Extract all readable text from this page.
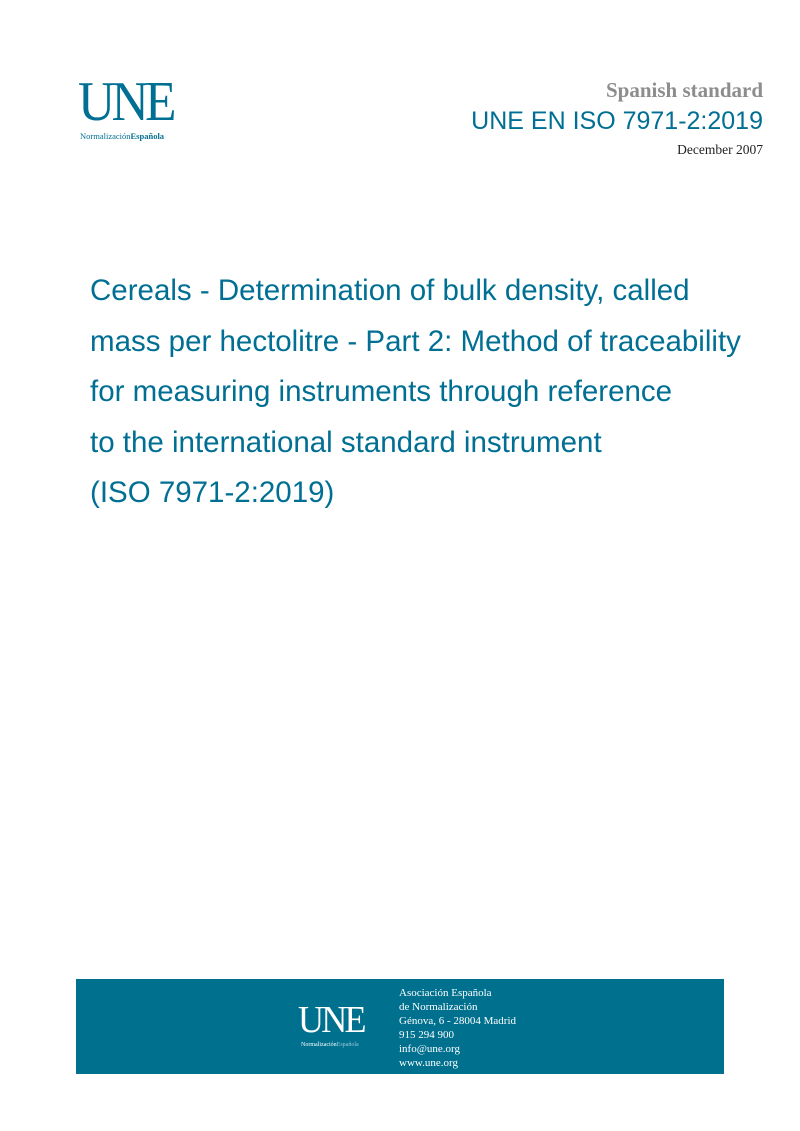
UNE
NormalizaciónEspañola
Spanish standard
UNE EN ISO 7971-2:2019
December 2007
Cereals - Determination of bulk density, called
mass per hectolitre - Part 2: Method of traceability
for measuring instruments through reference
to the international standard instrument
(ISO 7971-2:2019)
UNE
NormalizaciónEspañola
Asociación Española
de Normalización
Génova, 6 - 28004 Madrid
915 294 900
info@une.org
www.une.org
